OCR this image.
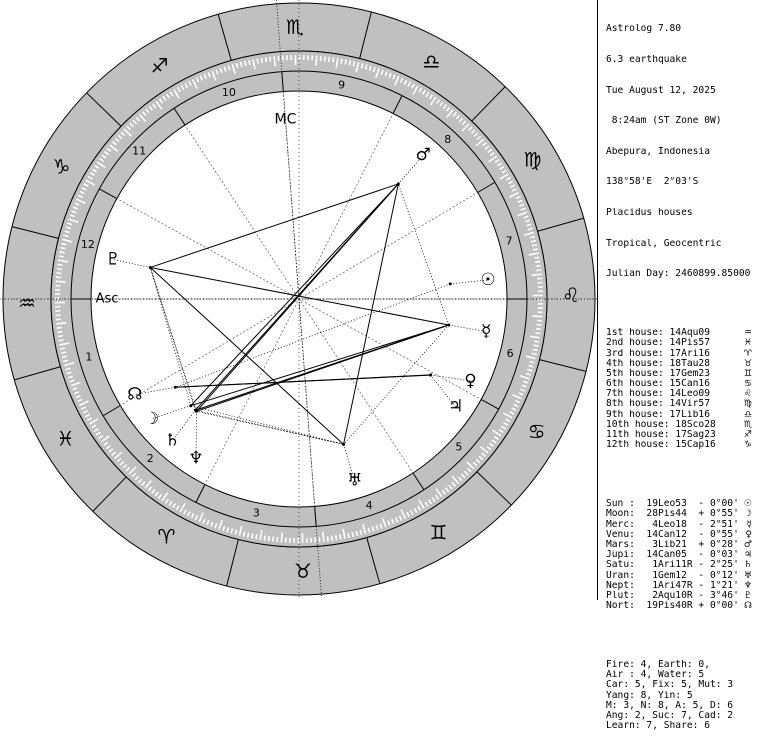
♈
♉
♊
♋
♌
♍
♎
♏
♐
♑
♒
♓
1
2
3
4
5
6
7
8
9
10
11
12
♄
♆
♅
♃
♀
☿
☉
♂
♇
☊
☽
Asc
MC

Astrolog 7.80

6.3 earthquake

Tue August 12, 2025

8:24am (ST Zone 0W)

Abepura, Indonesia

138°58'E  2°03'S

Placidus houses

Tropical, Geocentric

Julian Day: 2460899.85000

1st house: 14Aqu09	♒
2nd house: 14Pis57	♓
3rd house: 17Ari16	♈
4th house: 18Tau28	♉
5th house: 17Gem23	♊
6th house: 15Can16	♋
7th house: 14Leo09	♌
8th house: 14Vir57	♍
9th house: 17Lib16	♎
10th house: 18Sco28	♏
11th house: 17Sag23	♐
12th house: 15Cap16	♑

Sun :  19Leo53  - 0°00' ☉
Moon:  28Pis44  + 0°55' ☽
Merc:   4Leo18  - 2°51' ☿
Venu:  14Can12  - 0°55' ♀
Mars:   3Lib21  + 0°28' ♂
Jupi:  14Can05  - 0°03' ♃
Satu:   1Ari11R - 2°25' ♄
Uran:   1Gem12  - 0°12' ♅
Nept:   1Ari47R - 1°21' ♆
Plut:   2Aqu10R - 3°46' ♇
Nort:  19Pis40R + 0°00' ☊

Fire: 4, Earth: 0,
Air : 4, Water: 5
Car: 5, Fix: 5, Mut: 3
Yang: 8, Yin: 5
M: 3, N: 8, A: 5, D: 6
Ang: 2, Suc: 7, Cad: 2
Learn: 7, Share: 6
